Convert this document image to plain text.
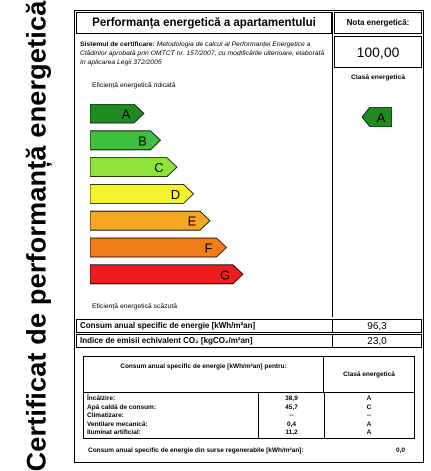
Certificat de performanță energetică	Performanța energetică a apartamentului	Nota energetică:
Sistemul de certificare: Metodologia de calcul al Performanței Energetice a Clădirilor aprobată prin OMTCT nr. 157/2007, cu modificările ulterioare, elaborată în aplicarea Legii 372/2005
100,00
Clasă energetică
A
Eficiență energetică ridicată
Eficiență energetică scăzută
A
B
C
D
E
F
G
Consum anual specific de energie [kWh/m²an]	96,3
Indice de emisii echivalent CO₂ [kgCO₂/m²an]	23,0
Consum anual specific de energie [kWh/m²an] pentru:
Clasă energetică
Încălzire:	38,9	A
Apă caldă de consum:	45,7	C
Climatizare:	--	--
Ventilare mecanică:	0,4	A
Iluminat artificial:	11,2	A
Consum anual specific de energie din surse regenerabile [kWh/m²an]:	0,0
